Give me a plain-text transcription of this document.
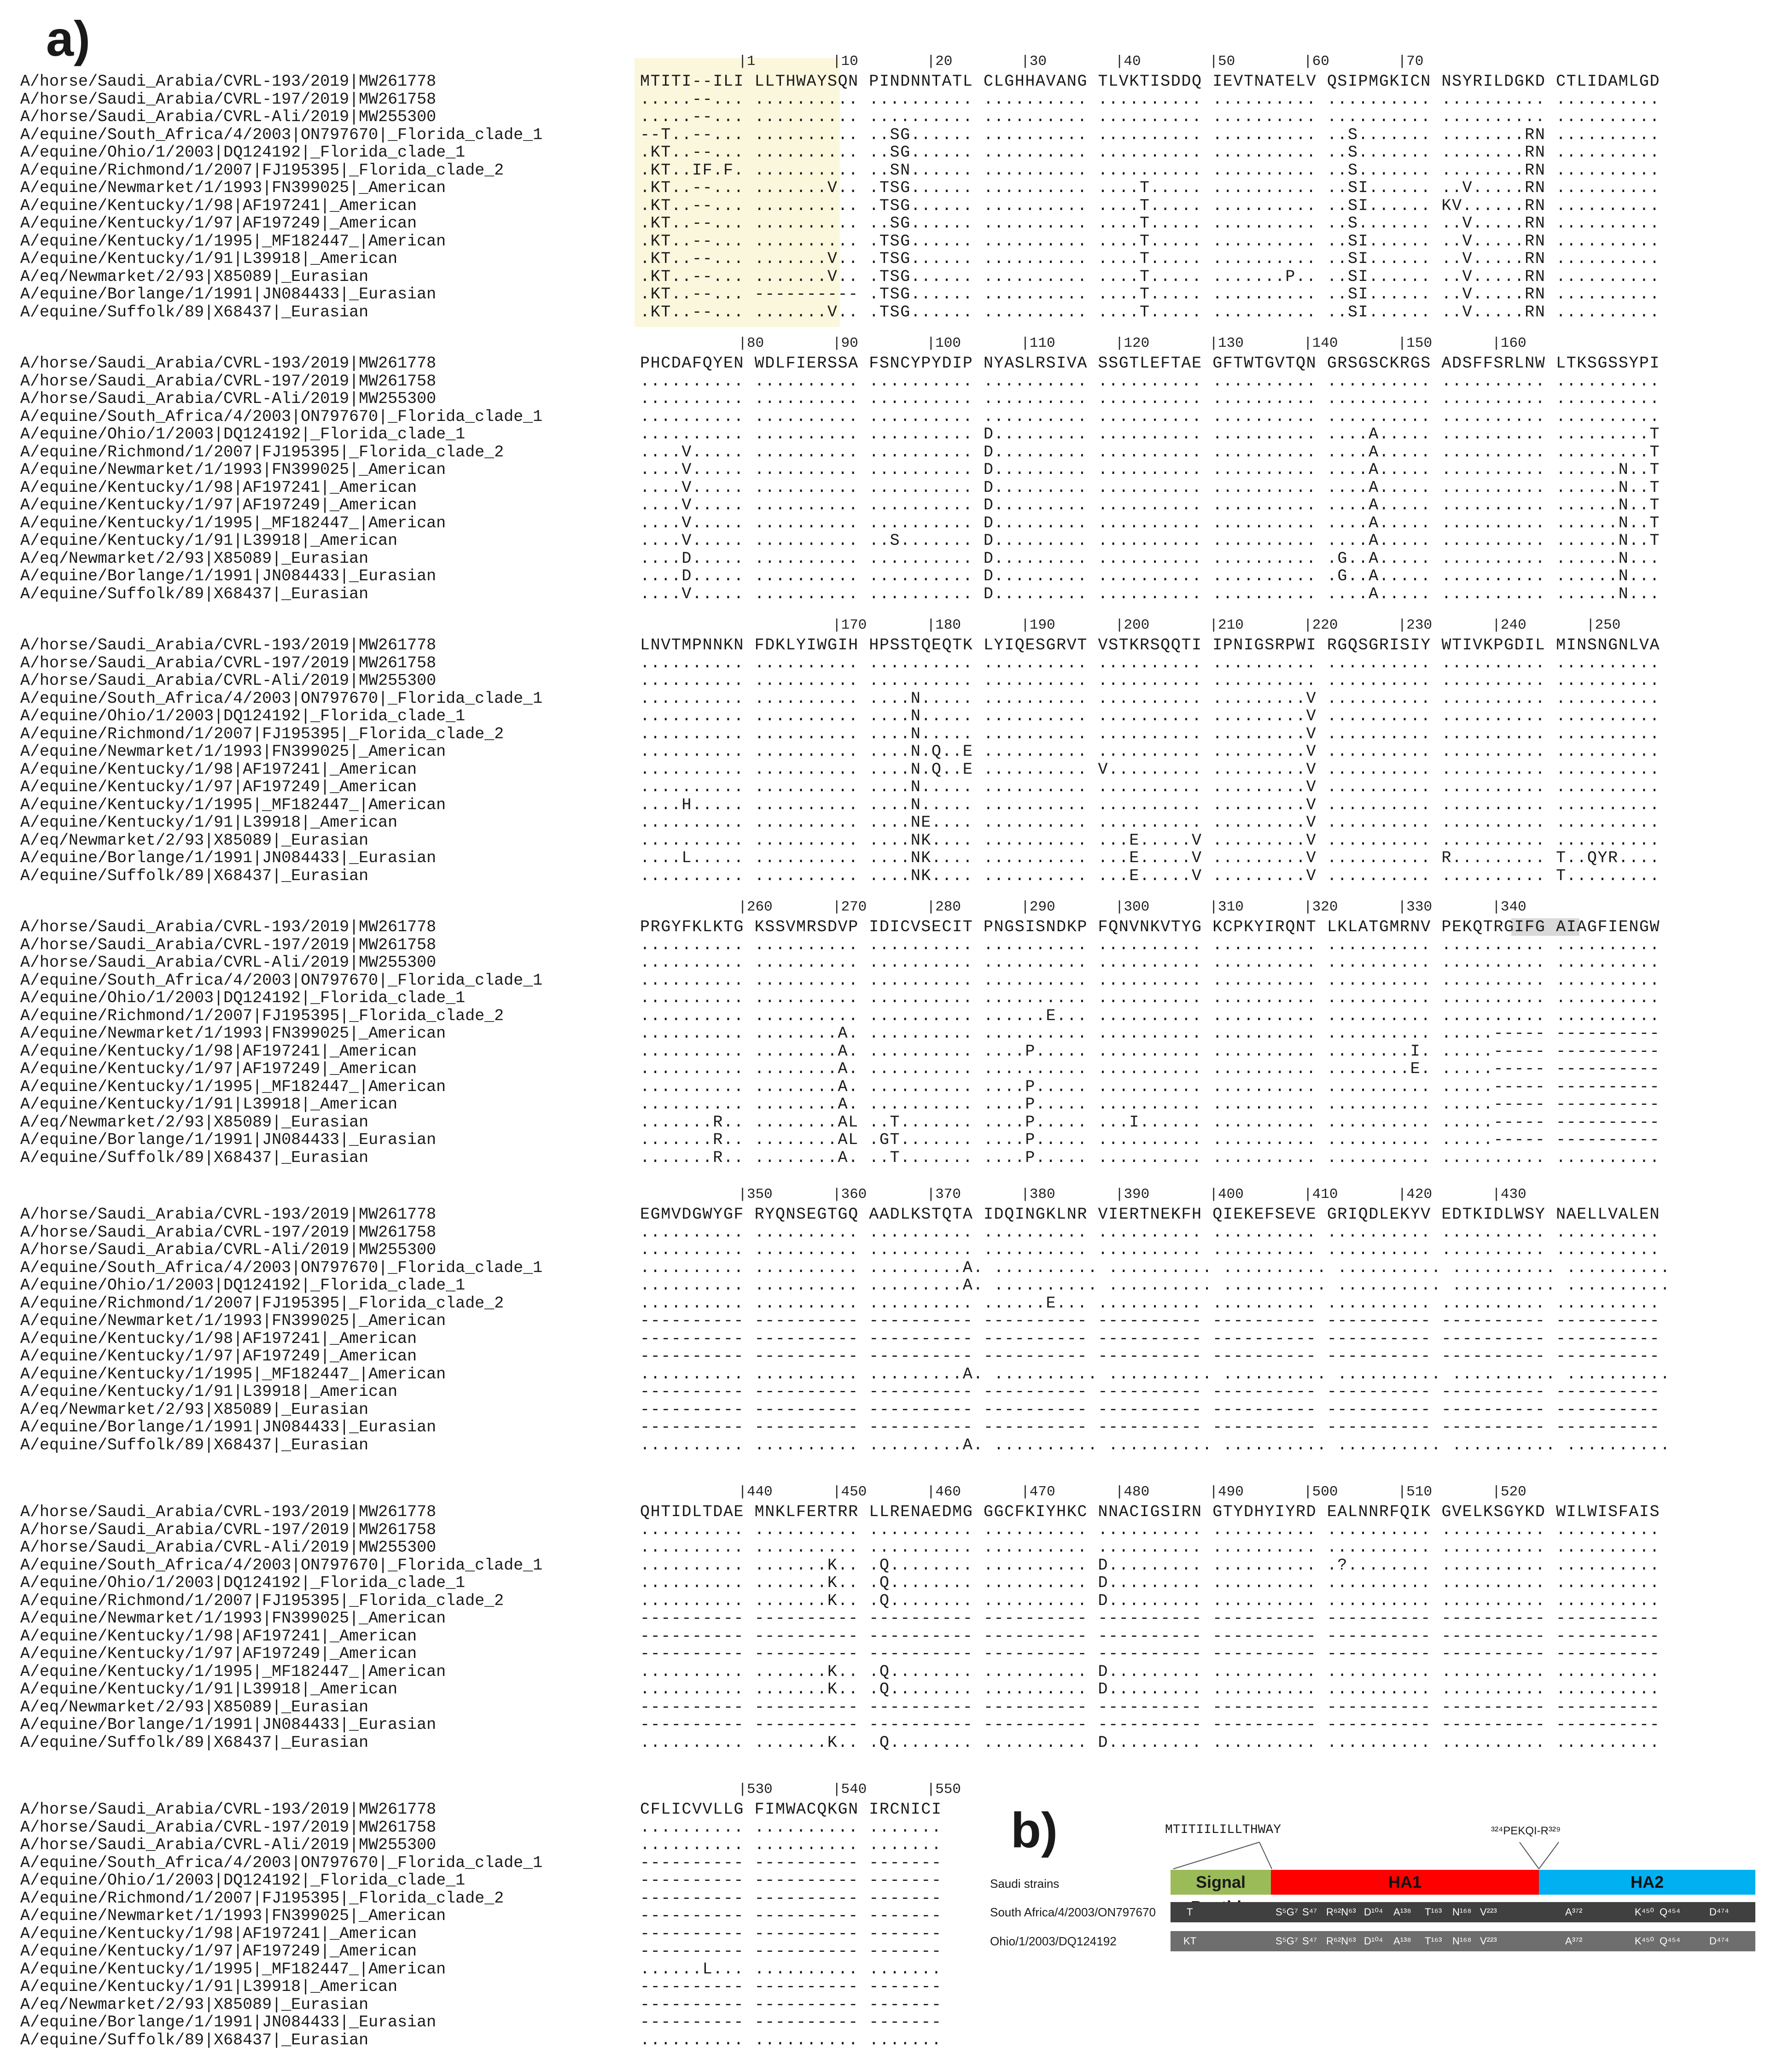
a)	|1         |10        |20        |30        |40        |50        |60        |70
A/horse/Saudi_Arabia/CVRL-193/2019|MW261778	MTITI--ILI LLTHWAYSQN PINDNNTATL CLGHHAVANG TLVKTISDDQ IEVTNATELV QSIPMGKICN NSYRILDGKD CTLIDAMLGD
A/horse/Saudi_Arabia/CVRL-197/2019|MW261758	.....--... .......... .......... .......... .......... .......... .......... .......... ..........
A/horse/Saudi_Arabia/CVRL-Ali/2019|MW255300	.....--... .......... .......... .......... .......... .......... .......... .......... ..........
A/equine/South_Africa/4/2003|ON797670|_Florida_clade_1	--T..--... .......... ..SG...... .......... .......... .......... ..S....... ........RN ..........
A/equine/Ohio/1/2003|DQ124192|_Florida_clade_1	.KT..--... .......... ..SG...... .......... .......... .......... ..S....... ........RN ..........
A/equine/Richmond/1/2007|FJ195395|_Florida_clade_2	.KT..IF.F. .......... ..SN...... .......... .......... .......... ..S....... ........RN ..........
A/equine/Newmarket/1/1993|FN399025|_American	.KT..--... .......V.. .TSG...... .......... ....T..... .......... ..SI...... ..V.....RN ..........
A/equine/Kentucky/1/98|AF197241|_American	.KT..--... .......... .TSG...... .......... ....T..... .......... ..SI...... KV......RN ..........
A/equine/Kentucky/1/97|AF197249|_American	.KT..--... .......... ..SG...... .......... ....T..... .......... ..S....... ..V.....RN ..........
A/equine/Kentucky/1/1995|_MF182447_|American	.KT..--... .......... .TSG...... .......... ....T..... .......... ..SI...... ..V.....RN ..........
A/equine/Kentucky/1/91|L39918|_American	.KT..--... .......V.. .TSG...... .......... ....T..... .......... ..SI...... ..V.....RN ..........
A/eq/Newmarket/2/93|X85089|_Eurasian	.KT..--... .......V.. .TSG...... .......... ....T..... .......P.. ..SI...... ..V.....RN ..........
A/equine/Borlange/1/1991|JN084433|_Eurasian	.KT..--... ---------- .TSG...... .......... ....T..... .......... ..SI...... ..V.....RN ..........
A/equine/Suffolk/89|X68437|_Eurasian	.KT..--... .......V.. .TSG...... .......... ....T..... .......... ..SI...... ..V.....RN ..........
|80        |90        |100       |110       |120       |130       |140       |150       |160
A/horse/Saudi_Arabia/CVRL-193/2019|MW261778	PHCDAFQYEN WDLFIERSSA FSNCYPYDIP NYASLRSIVA SSGTLEFTAE GFTWTGVTQN GRSGSCKRGS ADSFFSRLNW LTKSGSSYPI
A/horse/Saudi_Arabia/CVRL-197/2019|MW261758	.......... .......... .......... .......... .......... .......... .......... .......... ..........
A/horse/Saudi_Arabia/CVRL-Ali/2019|MW255300	.......... .......... .......... .......... .......... .......... .......... .......... ..........
A/equine/South_Africa/4/2003|ON797670|_Florida_clade_1	.......... .......... .......... .......... .......... .......... .......... .......... ..........
A/equine/Ohio/1/2003|DQ124192|_Florida_clade_1	.......... .......... .......... D......... .......... .......... ....A..... .......... .........T
A/equine/Richmond/1/2007|FJ195395|_Florida_clade_2	....V..... .......... .......... D......... .......... .......... ....A..... .......... .........T
A/equine/Newmarket/1/1993|FN399025|_American	....V..... .......... .......... D......... .......... .......... ....A..... .......... ......N..T
A/equine/Kentucky/1/98|AF197241|_American	....V..... .......... .......... D......... .......... .......... ....A..... .......... ......N..T
A/equine/Kentucky/1/97|AF197249|_American	....V..... .......... .......... D......... .......... .......... ....A..... .......... ......N..T
A/equine/Kentucky/1/1995|_MF182447_|American	....V..... .......... .......... D......... .......... .......... ....A..... .......... ......N..T
A/equine/Kentucky/1/91|L39918|_American	....V..... .......... ..S....... D......... .......... .......... ....A..... .......... ......N..T
A/eq/Newmarket/2/93|X85089|_Eurasian	....D..... .......... .......... D......... .......... .......... .G..A..... .......... ......N...
A/equine/Borlange/1/1991|JN084433|_Eurasian	....D..... .......... .......... D......... .......... .......... .G..A..... .......... ......N...
A/equine/Suffolk/89|X68437|_Eurasian	....V..... .......... .......... D......... .......... .......... ....A..... .......... ......N...
|170       |180       |190       |200       |210       |220       |230       |240       |250
A/horse/Saudi_Arabia/CVRL-193/2019|MW261778	LNVTMPNNKN FDKLYIWGIH HPSSTQEQTK LYIQESGRVT VSTKRSQQTI IPNIGSRPWI RGQSGRISIY WTIVKPGDIL MINSNGNLVA
A/horse/Saudi_Arabia/CVRL-197/2019|MW261758	.......... .......... .......... .......... .......... .......... .......... .......... ..........
A/horse/Saudi_Arabia/CVRL-Ali/2019|MW255300	.......... .......... .......... .......... .......... .......... .......... .......... ..........
A/equine/South_Africa/4/2003|ON797670|_Florida_clade_1	.......... .......... ....N..... .......... .......... .........V .......... .......... ..........
A/equine/Ohio/1/2003|DQ124192|_Florida_clade_1	.......... .......... ....N..... .......... .......... .........V .......... .......... ..........
A/equine/Richmond/1/2007|FJ195395|_Florida_clade_2	.......... .......... ....N..... .......... .......... .........V .......... .......... ..........
A/equine/Newmarket/1/1993|FN399025|_American	.......... .......... ....N.Q..E .......... .......... .........V .......... .......... ..........
A/equine/Kentucky/1/98|AF197241|_American	.......... .......... ....N.Q..E .......... V......... .........V .......... .......... ..........
A/equine/Kentucky/1/97|AF197249|_American	.......... .......... ....N..... .......... .......... .........V .......... .......... ..........
A/equine/Kentucky/1/1995|_MF182447_|American	....H..... .......... ....N..... .......... .......... .........V .......... .......... ..........
A/equine/Kentucky/1/91|L39918|_American	.......... .......... ....NE.... .......... .......... .........V .......... .......... ..........
A/eq/Newmarket/2/93|X85089|_Eurasian	.......... .......... ....NK.... .......... ...E.....V .........V .......... .......... ..........
A/equine/Borlange/1/1991|JN084433|_Eurasian	....L..... .......... ....NK.... .......... ...E.....V .........V .......... R......... T..QYR....
A/equine/Suffolk/89|X68437|_Eurasian	.......... .......... ....NK.... .......... ...E.....V .........V .......... .......... T.........
|260       |270       |280       |290       |300       |310       |320       |330       |340
A/horse/Saudi_Arabia/CVRL-193/2019|MW261778	PRGYFKLKTG KSSVMRSDVP IDICVSECIT PNGSISNDKP FQNVNKVTYG KCPKYIRQNT LKLATGMRNV PEKQTRGIFG AIAGFIENGW
A/horse/Saudi_Arabia/CVRL-197/2019|MW261758	.......... .......... .......... .......... .......... .......... .......... .......... ..........
A/horse/Saudi_Arabia/CVRL-Ali/2019|MW255300	.......... .......... .......... .......... .......... .......... .......... .......... ..........
A/equine/South_Africa/4/2003|ON797670|_Florida_clade_1	.......... .......... .......... .......... .......... .......... .......... .......... ..........
A/equine/Ohio/1/2003|DQ124192|_Florida_clade_1	.......... .......... .......... .......... .......... .......... .......... .......... ..........
A/equine/Richmond/1/2007|FJ195395|_Florida_clade_2	.......... .......... .......... ......E... .......... .......... .......... .......... ..........
A/equine/Newmarket/1/1993|FN399025|_American	.......... ........A. .......... .......... .......... .......... .......... .....----- ----------
A/equine/Kentucky/1/98|AF197241|_American	.......... ........A. .......... ....P..... .......... .......... ........I. .....----- ----------
A/equine/Kentucky/1/97|AF197249|_American	.......... ........A. .......... .......... .......... .......... ........E. .....----- ----------
A/equine/Kentucky/1/1995|_MF182447_|American	.......... ........A. .......... ....P..... .......... .......... .......... .....----- ----------
A/equine/Kentucky/1/91|L39918|_American	.......... ........A. .......... ....P..... .......... .......... .......... .....----- ----------
A/eq/Newmarket/2/93|X85089|_Eurasian	.......R.. ........AL ..T....... ....P..... ...I...... .......... .......... .....----- ----------
A/equine/Borlange/1/1991|JN084433|_Eurasian	.......R.. ........AL .GT....... ....P..... .......... .......... .......... .....----- ----------
A/equine/Suffolk/89|X68437|_Eurasian	.......R.. ........A. ..T....... ....P..... .......... .......... .......... .......... ..........
|350       |360       |370       |380       |390       |400       |410       |420       |430
A/horse/Saudi_Arabia/CVRL-193/2019|MW261778	EGMVDGWYGF RYQNSEGTGQ AADLKSTQTA IDQINGKLNR VIERTNEKFH QIEKEFSEVE GRIQDLEKYV EDTKIDLWSY NAELLVALEN
A/horse/Saudi_Arabia/CVRL-197/2019|MW261758	.......... .......... .......... .......... .......... .......... .......... .......... ..........
A/horse/Saudi_Arabia/CVRL-Ali/2019|MW255300	.......... .......... .......... .......... .......... .......... .......... .......... ..........
A/equine/South_Africa/4/2003|ON797670|_Florida_clade_1	.......... .......... .........A. .......... .......... .......... .......... .......... ..........
A/equine/Ohio/1/2003|DQ124192|_Florida_clade_1	.......... .......... .........A. .......... .......... .......... .......... .......... ..........
A/equine/Richmond/1/2007|FJ195395|_Florida_clade_2	.......... .......... .......... ......E... .......... .......... .......... .......... ..........
A/equine/Newmarket/1/1993|FN399025|_American	---------- ---------- ---------- ---------- ---------- ---------- ---------- ---------- ----------
A/equine/Kentucky/1/98|AF197241|_American	---------- ---------- ---------- ---------- ---------- ---------- ---------- ---------- ----------
A/equine/Kentucky/1/97|AF197249|_American	---------- ---------- ---------- ---------- ---------- ---------- ---------- ---------- ----------
A/equine/Kentucky/1/1995|_MF182447_|American	.......... .......... .........A. .......... .......... .......... .......... .......... ..........
A/equine/Kentucky/1/91|L39918|_American	---------- ---------- ---------- ---------- ---------- ---------- ---------- ---------- ----------
A/eq/Newmarket/2/93|X85089|_Eurasian	---------- ---------- ---------- ---------- ---------- ---------- ---------- ---------- ----------
A/equine/Borlange/1/1991|JN084433|_Eurasian	---------- ---------- ---------- ---------- ---------- ---------- ---------- ---------- ----------
A/equine/Suffolk/89|X68437|_Eurasian	.......... .......... .........A. .......... .......... .......... .......... .......... ..........
|440       |450       |460       |470       |480       |490       |500       |510       |520
A/horse/Saudi_Arabia/CVRL-193/2019|MW261778	QHTIDLTDAE MNKLFERTRR LLRENAEDMG GGCFKIYHKC NNACIGSIRN GTYDHYIYRD EALNNRFQIK GVELKSGYKD WILWISFAIS
A/horse/Saudi_Arabia/CVRL-197/2019|MW261758	.......... .......... .......... .......... .......... .......... .......... .......... ..........
A/horse/Saudi_Arabia/CVRL-Ali/2019|MW255300	.......... .......... .......... .......... .......... .......... .......... .......... ..........
A/equine/South_Africa/4/2003|ON797670|_Florida_clade_1	.......... .......K.. .Q........ .......... D......... .......... .?........ .......... ..........
A/equine/Ohio/1/2003|DQ124192|_Florida_clade_1	.......... .......K.. .Q........ .......... D......... .......... .......... .......... ..........
A/equine/Richmond/1/2007|FJ195395|_Florida_clade_2	.......... .......K.. .Q........ .......... D......... .......... .......... .......... ..........
A/equine/Newmarket/1/1993|FN399025|_American	---------- ---------- ---------- ---------- ---------- ---------- ---------- ---------- ----------
A/equine/Kentucky/1/98|AF197241|_American	---------- ---------- ---------- ---------- ---------- ---------- ---------- ---------- ----------
A/equine/Kentucky/1/97|AF197249|_American	---------- ---------- ---------- ---------- ---------- ---------- ---------- ---------- ----------
A/equine/Kentucky/1/1995|_MF182447_|American	.......... .......K.. .Q........ .......... D......... .......... .......... .......... ..........
A/equine/Kentucky/1/91|L39918|_American	.......... .......K.. .Q........ .......... D......... .......... .......... .......... ..........
A/eq/Newmarket/2/93|X85089|_Eurasian	---------- ---------- ---------- ---------- ---------- ---------- ---------- ---------- ----------
A/equine/Borlange/1/1991|JN084433|_Eurasian	---------- ---------- ---------- ---------- ---------- ---------- ---------- ---------- ----------
A/equine/Suffolk/89|X68437|_Eurasian	.......... .......K.. .Q........ .......... D......... .......... .......... .......... ..........
|530       |540       |550
A/horse/Saudi_Arabia/CVRL-193/2019|MW261778	CFLICVVLLG FIMWACQKGN IRCNICI
A/horse/Saudi_Arabia/CVRL-197/2019|MW261758	.......... .......... .......
A/horse/Saudi_Arabia/CVRL-Ali/2019|MW255300	.......... .......... .......
A/equine/South_Africa/4/2003|ON797670|_Florida_clade_1	---------- ---------- -------
A/equine/Ohio/1/2003|DQ124192|_Florida_clade_1	---------- ---------- -------
A/equine/Richmond/1/2007|FJ195395|_Florida_clade_2	---------- ---------- -------
A/equine/Newmarket/1/1993|FN399025|_American	---------- ---------- -------
A/equine/Kentucky/1/98|AF197241|_American	---------- ---------- -------
A/equine/Kentucky/1/97|AF197249|_American	---------- ---------- -------
A/equine/Kentucky/1/1995|_MF182447_|American	......L... .......... .......
A/equine/Kentucky/1/91|L39918|_American	---------- ---------- -------
A/eq/Newmarket/2/93|X85089|_Eurasian	---------- ---------- -------
A/equine/Borlange/1/1991|JN084433|_Eurasian	---------- ---------- -------
A/equine/Suffolk/89|X68437|_Eurasian	.......... .......... .......
b)	MTITIILILLTHWAY	³²⁴PEKQI-R³²⁹
Saudi strains	Signal	HA1	HA2
South Africa/4/2003/ON797670	T	S⁵G⁷ S⁴⁷ R⁶²N⁶³ D¹⁰⁴ A¹³⁸ T¹⁶³ N¹⁶⁸ V²²³	A³⁷²	K⁴⁵⁰ Q⁴⁵⁴	D⁴⁷⁴
Ohio/1/2003/DQ124192	KT	S⁵G⁷ S⁴⁷ R⁶²N⁶³ D¹⁰⁴ A¹³⁸ T¹⁶³ N¹⁶⁸ V²²³	A³⁷²	K⁴⁵⁰ Q⁴⁵⁴	D⁴⁷⁴
